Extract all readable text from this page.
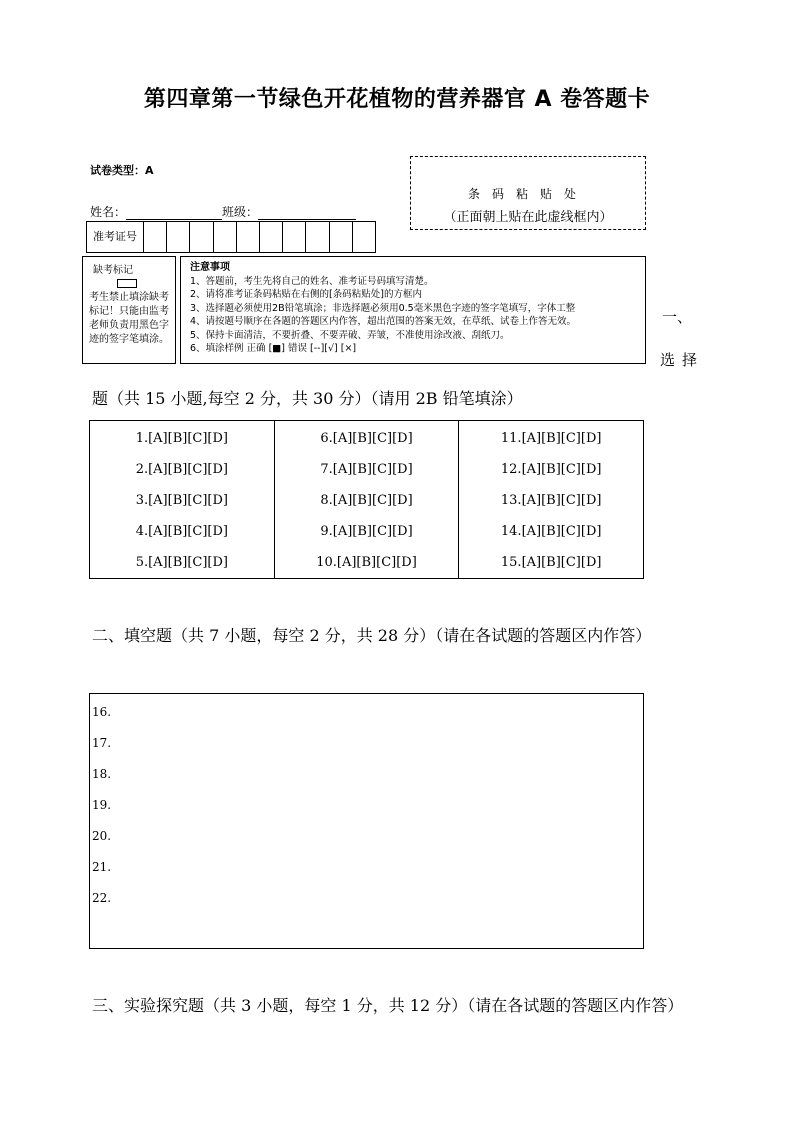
第四章第一节绿色开花植物的营养器官 A 卷答题卡
试卷类型：A
姓名：	班级：
准考证号
条码粘贴处
（正面朝上贴在此虚线框内）
缺考标记
考生禁止填涂缺考标记！只能由监考老师负责用黑色字迹的签字笔填涂。
注意事项
1、答题前，考生先将自己的姓名、准考证号码填写清楚。
2、请将准考证条码粘贴在右侧的[条码粘贴处]的方框内
3、选择题必须使用2B铅笔填涂；非选择题必须用0.5毫米黑色字迹的签字笔填写，字体工整
4、请按题号顺序在各题的答题区内作答，超出范围的答案无效，在草纸、试卷上作答无效。
5、保持卡面清洁，不要折叠、不要弄破、弄皱，不准使用涂改液、刮纸刀。
6、填涂样例 正确 [■] 错误 [--][√] [×]
一、
选择
题（共 15 小题,每空 2 分，共 30 分）（请用 2B 铅笔填涂）
1.[A][B][C][D]
2.[A][B][C][D]
3.[A][B][C][D]
4.[A][B][C][D]
5.[A][B][C][D]
6.[A][B][C][D]
7.[A][B][C][D]
8.[A][B][C][D]
9.[A][B][C][D]
10.[A][B][C][D]
11.[A][B][C][D]
12.[A][B][C][D]
13.[A][B][C][D]
14.[A][B][C][D]
15.[A][B][C][D]
二、填空题（共 7 小题，每空 2 分，共 28 分）（请在各试题的答题区内作答）
16.
17.
18.
19.
20.
21.
22.
三、实验探究题（共 3 小题，每空 1 分，共 12 分）（请在各试题的答题区内作答）
